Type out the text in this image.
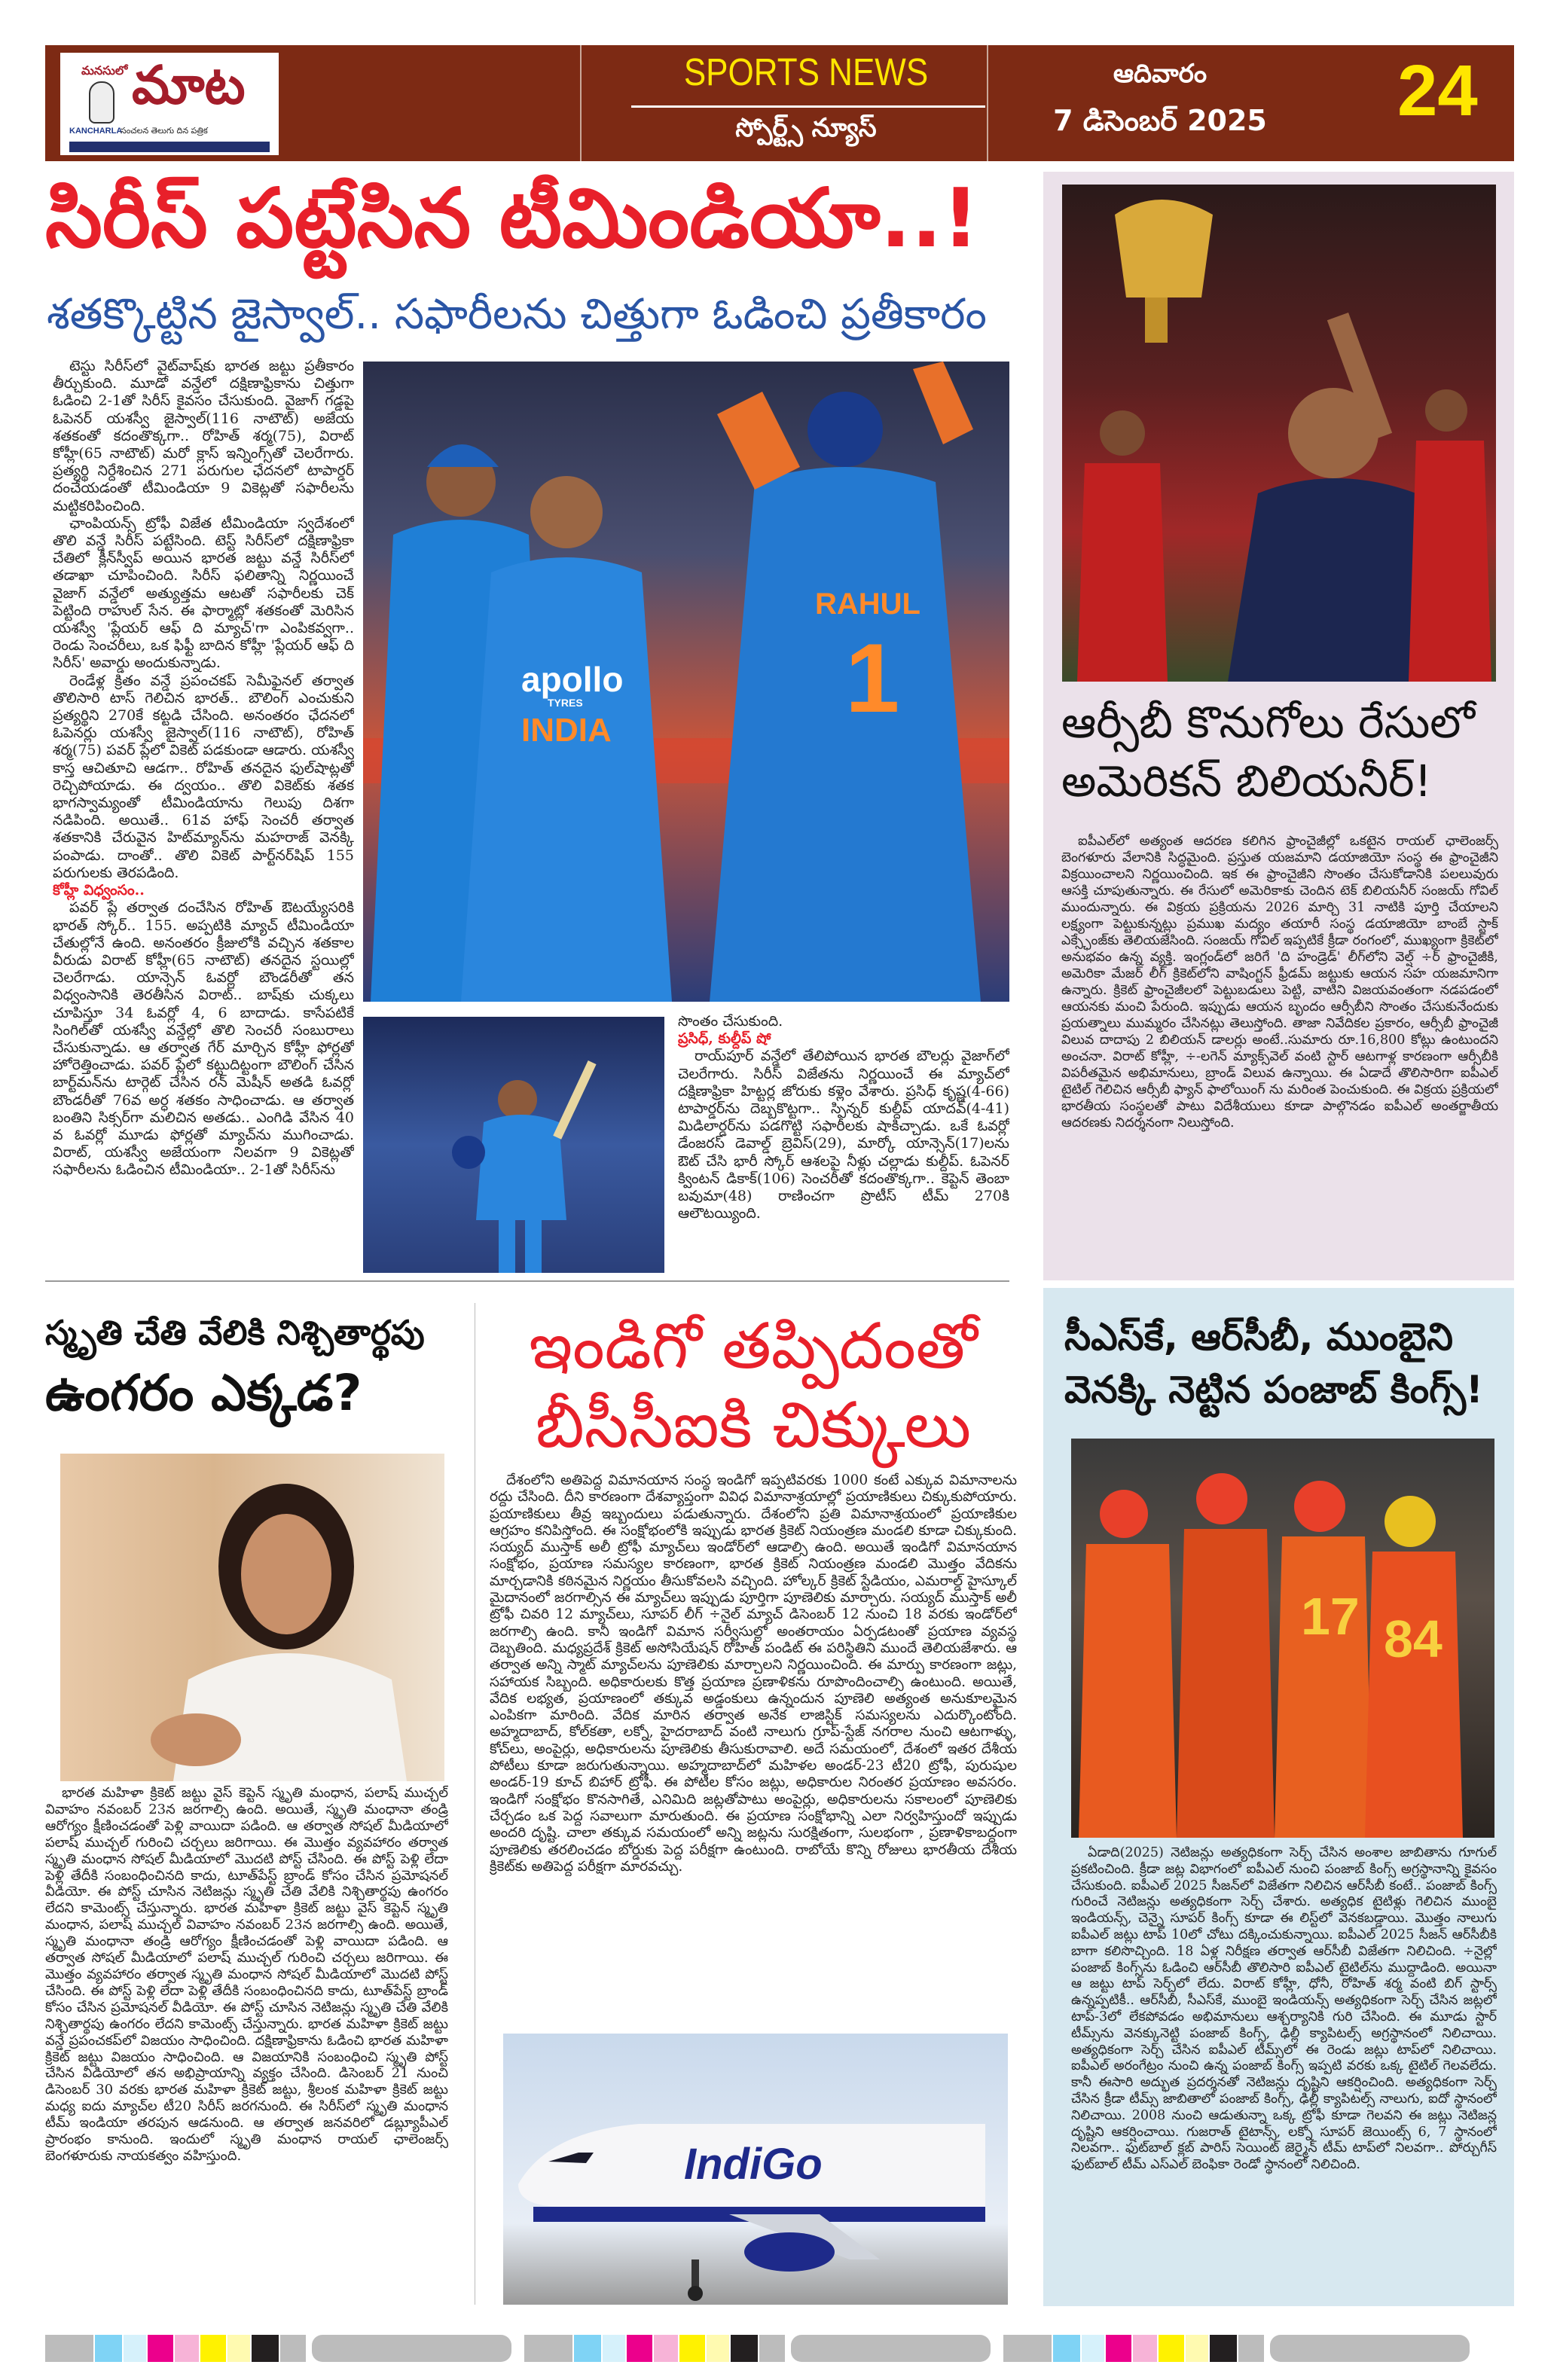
మనసులో మాట
KANCHARLA
సంచలన తెలుగు దిన పత్రిక
SPORTS NEWS
స్పోర్ట్స్ న్యూస్
ఆదివారం
7 డిసెంబర్ 2025	24
సిరీస్ పట్టేసిన టీమిండియా..!
శతక్కొట్టిన జైస్వాల్.. సఫారీలను చిత్తుగా ఓడించి ప్రతీకారం

టెస్టు సిరీస్‌లో వైట్‌వాష్‌కు భారత జట్టు ప్రతీకారం తీర్చుకుంది. మూడో వన్డేలో దక్షిణాఫ్రికాను చిత్తుగా ఓడించి 2-1తో సిరీస్ కైవసం చేసుకుంది. వైజాగ్ గడ్డపై ఓపెనర్ యశస్వీ జైస్వాల్(116 నాటౌట్) అజేయ శతకంతో కదంతొక్కగా.. రోహిత్ శర్మ(75), విరాట్ కోహ్లీ(65 నాటౌట్) మరో క్లాస్ ఇన్నింగ్స్‌తో చెలరేగారు. ప్రత్యర్థి నిర్దేశించిన 271 పరుగుల ఛేదనలో టాపార్డర్ దంచేయడంతో టీమిండియా 9 వికెట్లతో సఫారీలను మట్టికరిపించింది.

ఛాంపియన్స్ ట్రోఫీ విజేత టీమిండియా స్వదేశంలో తొలి వన్డే సిరీస్ పట్టేసింది. టెస్ట్ సిరీస్‌లో దక్షిణాఫ్రికా చేతిలో క్లీన్‌స్వీప్ అయిన భారత జట్టు వన్డే సిరీస్‌లో తడాఖా చూపించింది. సిరీస్ ఫలితాన్ని నిర్ణయించే వైజాగ్ వన్డేలో అత్యుత్తమ ఆటతో సఫారీలకు చెక్ పెట్టింది రాహుల్ సేన. ఈ ఫార్మాట్లో శతకంతో మెరిసిన యశస్వీ 'ప్లేయర్ ఆఫ్ ది మ్యాచ్'గా ఎంపికవ్వగా.. రెండు సెంచరీలు, ఒక ఫిఫ్టీ బాదిన కోహ్లీ 'ప్లేయర్ ఆఫ్ ది సిరీస్' అవార్డు అందుకున్నాడు.

రెండేళ్ల క్రితం వన్డే ప్రపంచకప్ సెమీఫైనల్ తర్వాత తొలిసారి టాస్ గెలిచిన భారత్.. బౌలింగ్ ఎంచుకుని ప్రత్యర్థిని 270కే కట్టడి చేసింది. అనంతరం ఛేదనలో ఓపెనర్లు యశస్వీ జైస్వాల్(116 నాటౌట్), రోహిత్ శర్మ(75) పవర్ ప్లేలో వికెట్ పడకుండా ఆడారు. యశస్వీ కాస్త ఆచితూచి ఆడగా.. రోహిత్ తనదైన ఫుల్‌షాట్లతో రెచ్చిపోయాడు. ఈ ద్వయం.. తొలి వికెట్‌కు శతక భాగస్వామ్యంతో టీమిండియాను గెలుపు దిశగా నడిపింది. అయితే.. 61వ హాఫ్ సెంచరీ తర్వాత శతకానికి చేరువైన హిట్‌మ్యాన్‌ను మహరాజ్ వెనక్కి పంపాడు. దాంతో.. తొలి వికెట్ పార్ట్‌నర్‌షిప్ 155 పరుగులకు తెరపడింది.

కోహ్లీ విధ్వంసం..

పవర్ ప్లే తర్వాత దంచేసిన రోహిత్ ఔటయ్యేసరికి భారత్ స్కోర్.. 155. అప్పటికి మ్యాచ్ టీమిండియా చేతుల్లోనే ఉంది. అనంతరం క్రీజులోకి వచ్చిన శతకాల వీరుడు విరాట్ కోహ్లీ(65 నాటౌట్) తనదైన స్టయిల్లో చెలరేగాడు. యాన్సెన్ ఓవర్లో బౌండరీతో తన విధ్వంసానికి తెరతీసిన విరాట్.. బాష్‌కు చుక్కలు చూపిస్తూ 34 ఓవర్లో 4, 6 బాదాడు. కాసేపటికే సింగిల్‌తో యశస్వీ వన్డేల్లో తొలి సెంచరీ సంబురాలు చేసుకున్నాడు. ఆ తర్వాత గేర్ మార్చిన కోహ్లీ ఫోర్లతో హోరెత్తించాడు. పవర్ ప్లేలో కట్టుదిట్టంగా బౌలింగ్ చేసిన బార్ట్‌మన్‌ను టార్గెట్ చేసిన రన్ మెషీన్ అతడి ఓవర్లో బౌండరీతో 76వ అర్ధ శతకం సాధించాడు. ఆ తర్వాత బంతిని సిక్సర్‌గా మలిచిన అతడు.. ఎంగిడి వేసిన 40 వ ఓవర్లో మూడు ఫోర్లతో మ్యాచ్‌ను ముగించాడు. విరాట్, యశస్వీ అజేయంగా నిలవగా 9 వికెట్లతో సఫారీలను ఓడించిన టీమిండియా.. 2-1తో సిరీస్‌ను

apollo
TYRES
INDIA
RAHUL
1

సొంతం చేసుకుంది.

ప్రసిధ్, కుల్దీప్ షో

రాయ్‌పూర్ వన్డేలో తేలిపోయిన భారత బౌలర్లు వైజాగ్‌లో చెలరేగారు. సిరీస్ విజేతను నిర్ణయించే ఈ మ్యాచ్‌లో దక్షిణాఫ్రికా హిట్టర్ల జోరుకు కళ్లెం వేశారు. ప్రసిధ్ కృష్ణ(4-66) టాపార్డర్‌ను దెబ్బకొట్టగా.. స్పిన్నర్ కుల్దీప్ యాదవ్(4-41) మిడిలార్డర్‌ను పడగొట్టి సఫారీలకు షాకిచ్చాడు. ఒకే ఓవర్లో డేంజరస్ డెవాల్డ్ బ్రెవిస్(29), మార్కో యాన్సెన్(17)లను ఔట్ చేసి భారీ స్కోర్ ఆశలపై నీళ్లు చల్లాడు కుల్దీప్. ఓపెనర్ క్వింటన్ డికాక్(106) సెంచరీతో కదంతొక్కగా.. కెప్టెన్ తెంబా బవుమా(48) రాణించగా ప్రొటీస్ టీమ్ 270కి ఆలౌటయ్యింది.

ఆర్సీబీ కొనుగోలు రేసులో
అమెరికన్ బిలియనీర్!

ఐపీఎల్‌లో అత్యంత ఆదరణ కలిగిన ఫ్రాంచైజీల్లో ఒకటైన రాయల్ ఛాలెంజర్స్ బెంగళూరు వేలానికి సిద్ధమైంది. ప్రస్తుత యజమాని డయాజియో సంస్థ ఈ ఫ్రాంచైజీని విక్రయించాలని నిర్ణయించింది. ఇక ఈ ఫ్రాంచైజీని సొంతం చేసుకోడానికి పలలువురు ఆసక్తి చూపుతున్నారు. ఈ రేసులో అమెరికాకు చెందిన టెక్ బిలియనీర్ సంజయ్ గోవిల్ ముందున్నారు. ఈ విక్రయ ప్రక్రియను 2026 మార్చి 31 నాటికి పూర్తి చేయాలని లక్ష్యంగా పెట్టుకున్నట్లు ప్రముఖ మద్యం తయారీ సంస్థ డయాజియో బాంబే స్టాక్ ఎక్స్ఛేంజ్‌కు తెలియజేసింది. సంజయ్ గోవిల్ ఇప్పటికే క్రీడా రంగంలో, ముఖ్యంగా క్రికెట్‌లో అనుభవం ఉన్న వ్యక్తి. ఇంగ్లండ్‌లో జరిగే 'ది హండ్రెడ్' లీగ్‌లోని వెల్ష్ ÷ర్ ఫ్రాంచైజీకి, అమెరికా మేజర్ లీగ్ క్రికెట్‌లోని వాషింగ్టన్ ఫ్రీడమ్ జట్టుకు ఆయన సహ యజమానిగా ఉన్నారు. క్రికెట్ ఫ్రాంచైజీలలో పెట్టుబడులు పెట్టి, వాటిని విజయవంతంగా నడపడంలో ఆయనకు మంచి పేరుంది. ఇప్పుడు ఆయన బృందం ఆర్సీబీని సొంతం చేసుకునేందుకు ప్రయత్నాలు ముమ్మరం చేసినట్లు తెలుస్తోంది. తాజా నివేదికల ప్రకారం, ఆర్సీబీ ఫ్రాంచైజీ విలువ దాదాపు 2 బిలియన్ డాలర్లు అంటే..సుమారు రూ.16,800 కోట్లు ఉంటుందని అంచనా. విరాట్ కోహ్లీ, ÷-లగెన్ మ్యాక్స్‌వెల్ వంటి స్టార్ ఆటగాళ్ల కారణంగా ఆర్సీబీకి విపరీతమైన అభిమానులు, బ్రాండ్ విలువ ఉన్నాయి. ఈ ఏడాదే తొలిసారిగా ఐపీఎల్ టైటిల్ గెలిచిన ఆర్సీబీ ఫ్యాన్ ఫాలోయింగ్ ను మరింత పెంచుకుంది. ఈ విక్రయ ప్రక్రియలో భారతీయ సంస్థలతో పాటు విదేశీయులు కూడా పాల్గొనడం ఐపీఎల్ అంతర్జాతీయ ఆదరణకు నిదర్శనంగా నిలుస్తోంది.

స్మృతి చేతి వేలికి నిశ్చితార్థపు
ఉంగరం ఎక్కడ?

భారత మహిళా క్రికెట్ జట్టు వైస్ కెప్టెన్ స్మృతి మంధాన, పలాష్ ముచ్చల్ వివాహం నవంబర్ 23న జరగాల్సి ఉంది. అయితే, స్మృతి మంధానా తండ్రి ఆరోగ్యం క్షీణించడంతో పెళ్లి వాయిదా పడింది. ఆ తర్వాత సోషల్ మీడియాలో పలాష్ ముచ్చల్ గురించి చర్చలు జరిగాయి. ఈ మొత్తం వ్యవహారం తర్వాత స్మృతి మంధాన సోషల్ మీడియాలో మొదటి పోస్ట్ చేసింది. ఈ పోస్ట్ పెళ్లి లేదా పెళ్లి తేదీకి సంబంధించినది కాదు, టూత్‌పేస్ట్ బ్రాండ్ కోసం చేసిన ప్రమోషనల్ వీడియో. ఈ పోస్ట్ చూసిన నెటిజన్లు స్మృతి చేతి వేలికి నిశ్చితార్థపు ఉంగరం లేదని కామెంట్స్ చేస్తున్నారు. భారత మహిళా క్రికెట్ జట్టు వైస్ కెప్టెన్ స్మృతి మంధాన, పలాష్ ముచ్చల్ వివాహం నవంబర్ 23న జరగాల్సి ఉంది. అయితే, స్మృతి మంధానా తండ్రి ఆరోగ్యం క్షీణించడంతో పెళ్లి వాయిదా పడింది. ఆ తర్వాత సోషల్ మీడియాలో పలాష్ ముచ్చల్ గురించి చర్చలు జరిగాయి. ఈ మొత్తం వ్యవహారం తర్వాత స్మృతి మంధాన సోషల్ మీడియాలో మొదటి పోస్ట్ చేసింది. ఈ పోస్ట్ పెళ్లి లేదా పెళ్లి తేదీకి సంబంధించినది కాదు, టూత్‌పేస్ట్ బ్రాండ్ కోసం చేసిన ప్రమోషనల్ వీడియో. ఈ పోస్ట్ చూసిన నెటిజన్లు స్మృతి చేతి వేలికి నిశ్చితార్థపు ఉంగరం లేదని కామెంట్స్ చేస్తున్నారు. భారత మహిళా క్రికెట్ జట్టు వన్డే ప్రపంచకప్‌లో విజయం సాధించింది. దక్షిణాఫ్రికాను ఓడించి భారత మహిళా క్రికెట్ జట్టు విజయం సాధించింది. ఆ విజయానికి సంబంధించి స్మృతి పోస్ట్ చేసిన వీడియోలో తన అభిప్రాయాన్ని వ్యక్తం చేసింది. డిసెంబర్ 21 నుంచి డిసెంబర్ 30 వరకు భారత మహిళా క్రికెట్ జట్టు, శ్రీలంక మహిళా క్రికెట్ జట్టు మధ్య ఐదు మ్యాచ్‌ల టీ20 సిరీస్ జరగనుంది. ఈ సిరీస్‌లో స్మృతి మంధాన టీమ్ ఇండియా తరపున ఆడనుంది. ఆ తర్వాత జనవరిలో డబ్ల్యూపీఎల్ ప్రారంభం కానుంది. ఇందులో స్మృతి మంధాన రాయల్ ఛాలెంజర్స్ బెంగళూరుకు నాయకత్వం వహిస్తుంది.

ఇండిగో తప్పిదంతో
బీసీసీఐకి చిక్కులు

దేశంలోని అతిపెద్ద విమానయాన సంస్థ ఇండిగో ఇప్పటివరకు 1000 కంటే ఎక్కువ విమానాలను రద్దు చేసింది. దీని కారణంగా దేశవ్యాప్తంగా వివిధ విమానాశ్రయాల్లో ప్రయాణికులు చిక్కుకుపోయారు. ప్రయాణికులు తీవ్ర ఇబ్బందులు పడుతున్నారు. దేశంలోని ప్రతి విమానాశ్రయంలో ప్రయాణికుల ఆగ్రహం కనిపిస్తోంది. ఈ సంక్షోభంలోకి ఇప్పుడు భారత క్రికెట్ నియంత్రణ మండలి కూడా చిక్కుకుంది. సయ్యద్ ముస్తాక్ అలీ ట్రోఫీ మ్యాచ్‌లు ఇండోర్‌లో ఆడాల్సి ఉంది. అయితే ఇండిగో విమానయాన సంక్షోభం, ప్రయాణ సమస్యల కారణంగా, భారత క్రికెట్ నియంత్రణ మండలి మొత్తం వేదికను మార్చడానికి కఠినమైన నిర్ణయం తీసుకోవలసి వచ్చింది. హోల్కర్ క్రికెట్ స్టేడియం, ఎమరాల్డ్ హైస్కూల్ మైదానంలో జరగాల్సిన ఈ మ్యాచ్‌లు ఇప్పుడు పూర్తిగా పూణెలికు మార్చారు. సయ్యద్ ముస్తాక్ అలీ ట్రోఫీ చివరి 12 మ్యాచ్‌లు, సూపర్ లీగ్ ÷నైల్ మ్యాచ్ డిసెంబర్ 12 నుంచి 18 వరకు ఇండోర్‌లో జరగాల్సి ఉంది. కానీ ఇండిగో విమాన సర్వీసుల్లో అంతరాయం ఏర్పడటంతో ప్రయాణ వ్యవస్థ దెబ్బతింది. మధ్యప్రదేశ్ క్రికెట్ అసోసియేషన్ రోహిత్ పండిట్ ఈ పరిస్థితిని ముందే తెలియజేశారు. ఆ తర్వాత అన్ని స్మాట్ మ్యాచ్‌లను పూణెలికు మార్చాలని నిర్ణయించింది. ఈ మార్పు కారణంగా జట్లు, సహాయక సిబ్బంది. అధికారులకు కొత్త ప్రయాణ ప్రణాళికను రూపొందించాల్సి ఉంటుంది. అయితే, వేదిక లభ్యత, ప్రయాణంలో తక్కువ అడ్డంకులు ఉన్నందున పూణెలి అత్యంత అనుకూలమైన ఎంపికగా మారింది. వేదిక మారిన తర్వాత అనేక లాజిస్టిక్ సమస్యలను ఎదుర్కొంటోంది. అహ్మదాబాద్, కోల్‌కతా, లక్నో, హైదరాబాద్ వంటి నాలుగు గ్రూప్-స్టేజ్ నగరాల నుంచి ఆటగాళ్ళు, కోచ్‌లు, అంపైర్లు, అధికారులను పూణెలికు తీసుకురావాలి. అదే సమయంలో, దేశంలో ఇతర దేశీయ పోటీలు కూడా జరుగుతున్నాయి. అహ్మదాబాద్‌లో మహిళల అండర్-23 టీ20 ట్రోఫీ, పురుషుల అండర్-19 కూచ్ బిహార్ ట్రోఫీ. ఈ పోటీల కోసం జట్లు, అధికారుల నిరంతర ప్రయాణం అవసరం. ఇండిగో సంక్షోభం కొనసాగితే, ఎనిమిది జట్లతోపాటు అంపైర్లు, అధికారులను సకాలంలో పూణెలికు చేర్చడం ఒక పెద్ద సవాలుగా మారుతుంది. ఈ ప్రయాణ సంక్షోభాన్ని ఎలా నిర్వహిస్తుందో ఇప్పుడు అందరి దృష్టి. చాలా తక్కువ సమయంలో అన్ని జట్లను సురక్షితంగా, సులభంగా , ప్రణాళికాబద్ధంగా పూణెలికు తరలించడం బోర్డుకు పెద్ద పరీక్షగా ఉంటుంది. రాబోయే కొన్ని రోజులు భారతీయ దేశీయ క్రికెట్‌కు అతిపెద్ద పరీక్షగా మారవచ్చు.

IndiGo
సీఎస్‌కే, ఆర్‌సీబీ, ముంబైని
వెనక్కి నెట్టిన పంజాబ్ కింగ్స్!
17 84

ఏడాది(2025) నెటిజన్లు అత్యధికంగా సెర్చ్ చేసిన అంశాల జాబితాను గూగుల్ ప్రకటించింది. క్రీడా జట్ల విభాగంలో ఐపీఎల్ నుంచి పంజాబ్ కింగ్స్ అగ్రస్థానాన్ని కైవసం చేసుకుంది. ఐపీఎల్ 2025 సీజన్‌లో విజేతగా నిలిచిన ఆర్‌సీబీ కంటే.. పంజాబ్ కింగ్స్ గురించే నెటిజన్లు అత్యధికంగా సెర్చ్ చేశారు. అత్యధిక టైటిళ్లు గెలిచిన ముంబై ఇండియన్స్, చెన్నై సూపర్ కింగ్స్ కూడా ఈ లిస్ట్‌లో వెనకబడ్డాయి. మొత్తం నాలుగు ఐపీఎల్ జట్లు టాప్ 10లో చోటు దక్కించుకున్నాయి. ఐపీఎల్ 2025 సీజన్ ఆర్‌సీబీకి బాగా కలిసొచ్చింది. 18 ఏళ్ల నిరీక్షణ తర్వాత ఆర్‌సీబీ విజేతగా నిలిచింది. ÷నైల్లో పంజాబ్ కింగ్స్‌ను ఓడించి ఆర్‌సీబీ తొలిసారి ఐపీఎల్ టైటిల్‌ను ముద్దాడింది. అయినా ఆ జట్టు టాప్ సెర్చ్‌లో లేదు. విరాట్ కోహ్లీ, ధోనీ, రోహిత్ శర్మ వంటి బిగ్ స్టార్స్ ఉన్నప్పటికీ.. ఆర్‌సీబీ, సీఎస్‌కే, ముంబై ఇండియన్స్ అత్యధికంగా సెర్చ్ చేసిన జట్లలో టాప్-3లో లేకపోవడం అభిమానులు ఆశ్చర్యానికి గురి చేసింది. ఈ మూడు స్టార్ టీమ్స్‌ను వెనక్కునెట్టి పంజాబ్ కింగ్స్, ఢిల్లీ క్యాపిటల్స్ అగ్రస్థానంలో నిలిచాయి. అత్యధికంగా సెర్చ్ చేసిన ఐపీఎల్ టీమ్స్‌లో ఈ రెండు జట్లు టాప్‌లో నిలిచాయి. ఐపీఎల్ అరంగేట్రం నుంచి ఉన్న పంజాబ్ కింగ్స్ ఇప్పటి వరకు ఒక్క టైటిల్ గెలవలేదు. కానీ ఈసారి అద్భుత ప్రదర్శనతో నెటిజన్లు దృష్టిని ఆకర్షించింది. అత్యధికంగా సెర్చ్ చేసిన క్రీడా టీమ్స్ జాబితాలో పంజాబ్ కింగ్స్, ఢిల్లీ క్యాపిటల్స్ నాలుగు, ఐదో స్థానంలో నిలిచాయి. 2008 నుంచి ఆడుతున్నా ఒక్క ట్రోఫీ కూడా గెలవని ఈ జట్లు నెటిజన్ల దృష్టిని ఆకర్షించాయి. గుజరాత్ టైటాన్స్, లక్నో సూపర్ జెయింట్స్ 6, 7 స్థానంలో నిలవగా.. ఫుట్‌బాల్ క్లబ్ పారిస్ సెయింట్ జెర్మైన్ టీమ్ టాప్‌లో నిలవగా.. పోర్చుగీస్ ఫుట్‌బాల్ టీమ్ ఎస్‌ఎల్ బెంఫికా రెండో స్థానంలో నిలిచింది.
